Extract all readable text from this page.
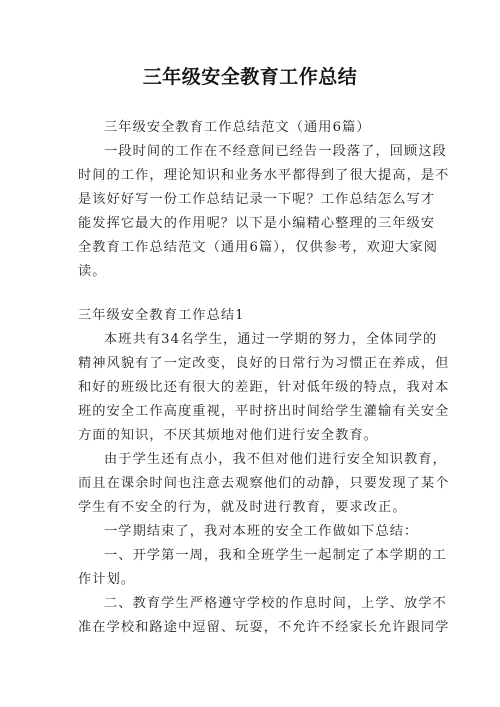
三年级安全教育工作总结
三年级安全教育工作总结范文（通用6篇）
一段时间的工作在不经意间已经告一段落了，回顾这段
时间的工作，理论知识和业务水平都得到了很大提高，是不
是该好好写一份工作总结记录一下呢？工作总结怎么写才
能发挥它最大的作用呢？以下是小编精心整理的三年级安
全教育工作总结范文（通用6篇），仅供参考，欢迎大家阅
读。
三年级安全教育工作总结1
本班共有34名学生，通过一学期的努力，全体同学的
精神风貌有了一定改变，良好的日常行为习惯正在养成，但
和好的班级比还有很大的差距，针对低年级的特点，我对本
班的安全工作高度重视，平时挤出时间给学生灌输有关安全
方面的知识，不厌其烦地对他们进行安全教育。
由于学生还有点小，我不但对他们进行安全知识教育，
而且在课余时间也注意去观察他们的动静，只要发现了某个
学生有不安全的行为，就及时进行教育，要求改正。
一学期结束了，我对本班的安全工作做如下总结：
一、开学第一周，我和全班学生一起制定了本学期的工
作计划。
二、教育学生严格遵守学校的作息时间，上学、放学不
准在学校和路途中逗留、玩耍，不允许不经家长允许跟同学
